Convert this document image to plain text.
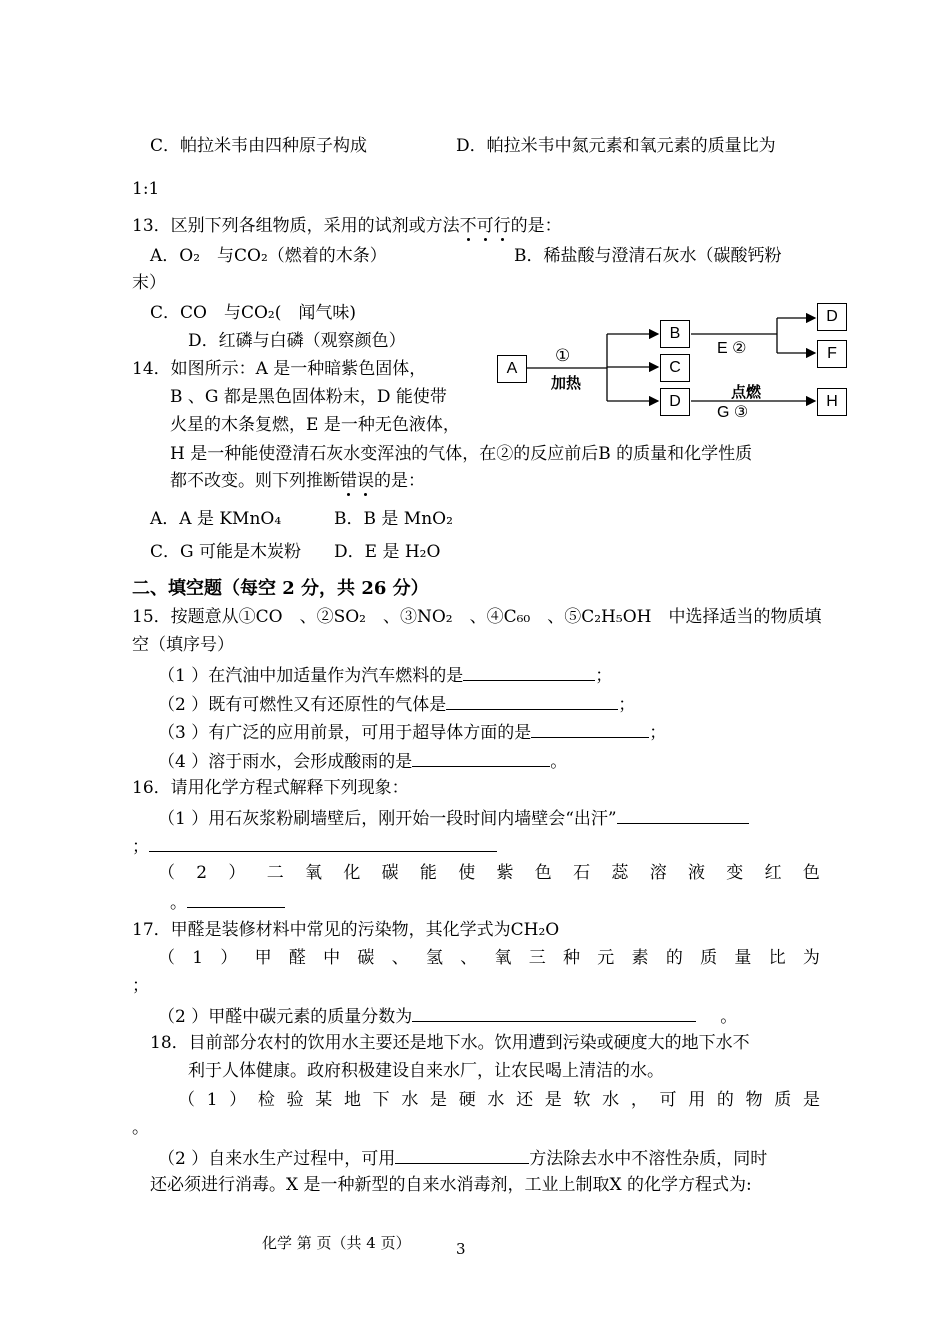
C．帕拉米韦由四种原子构成	D．帕拉米韦中氮元素和氧元素的质量比为
1:1
13．区别下列各组物质，采用的试剂或方法不可行的是：
A．O₂　与CO₂（燃着的木条）	B．稀盐酸与澄清石灰水（碳酸钙粉
末）
C．CO　与CO₂(　闻气味)
D．红磷与白磷（观察颜色）
14．如图所示：A 是一种暗紫色固体，
B 、G 都是黑色固体粉末，D 能使带
火星的木条复燃，E 是一种无色液体，
H 是一种能使澄清石灰水变浑浊的气体，在②的反应前后B 的质量和化学性质
都不改变。则下列推断错误的是：
A．A 是 KMnO₄	B．B 是 MnO₂
C．G 可能是木炭粉 D．E 是 H₂O
A
B
C
D
D
F
H
①
加热
E ②
点燃
G ③
二、填空题（每空 2 分，共 26 分）
15．按题意从①CO　、②SO₂　、③NO₂　、④C₆₀　、⑤C₂H₅OH　中选择适当的物质填
空（填序号）
（1 ）在汽油中加适量作为汽车燃料的是	；
（2 ）既有可燃性又有还原性的气体是	；
（3 ）有广泛的应用前景，可用于超导体方面的是	；
（4 ）溶于雨水，会形成酸雨的是	。
16．请用化学方程式解释下列现象：
（1 ）用石灰浆粉刷墙壁后，刚开始一段时间内墙壁会“出汗”
；
（ 2 ） 二 氧 化 碳 能 使 紫 色 石 蕊 溶 液 变 红 色
。
17．甲醛是装修材料中常见的污染物，其化学式为CH₂O
（ 1 ） 甲 醛 中 碳 、 氢 、 氧 三 种 元 素 的 质 量 比 为
；
（2 ）甲醛中碳元素的质量分数为	。
18．目前部分农村的饮用水主要还是地下水。饮用遭到污染或硬度大的地下水不
利于人体健康。政府积极建设自来水厂，让农民喝上清洁的水。
（ 1 ） 检 验 某 地 下 水 是 硬 水 还 是 软 水 ， 可 用 的 物 质 是
。
（2 ）自来水生产过程中，可用	方法除去水中不溶性杂质，同时
还必须进行消毒。X 是一种新型的自来水消毒剂，工业上制取X 的化学方程式为:
化学 第 页（共 4 页）	3
